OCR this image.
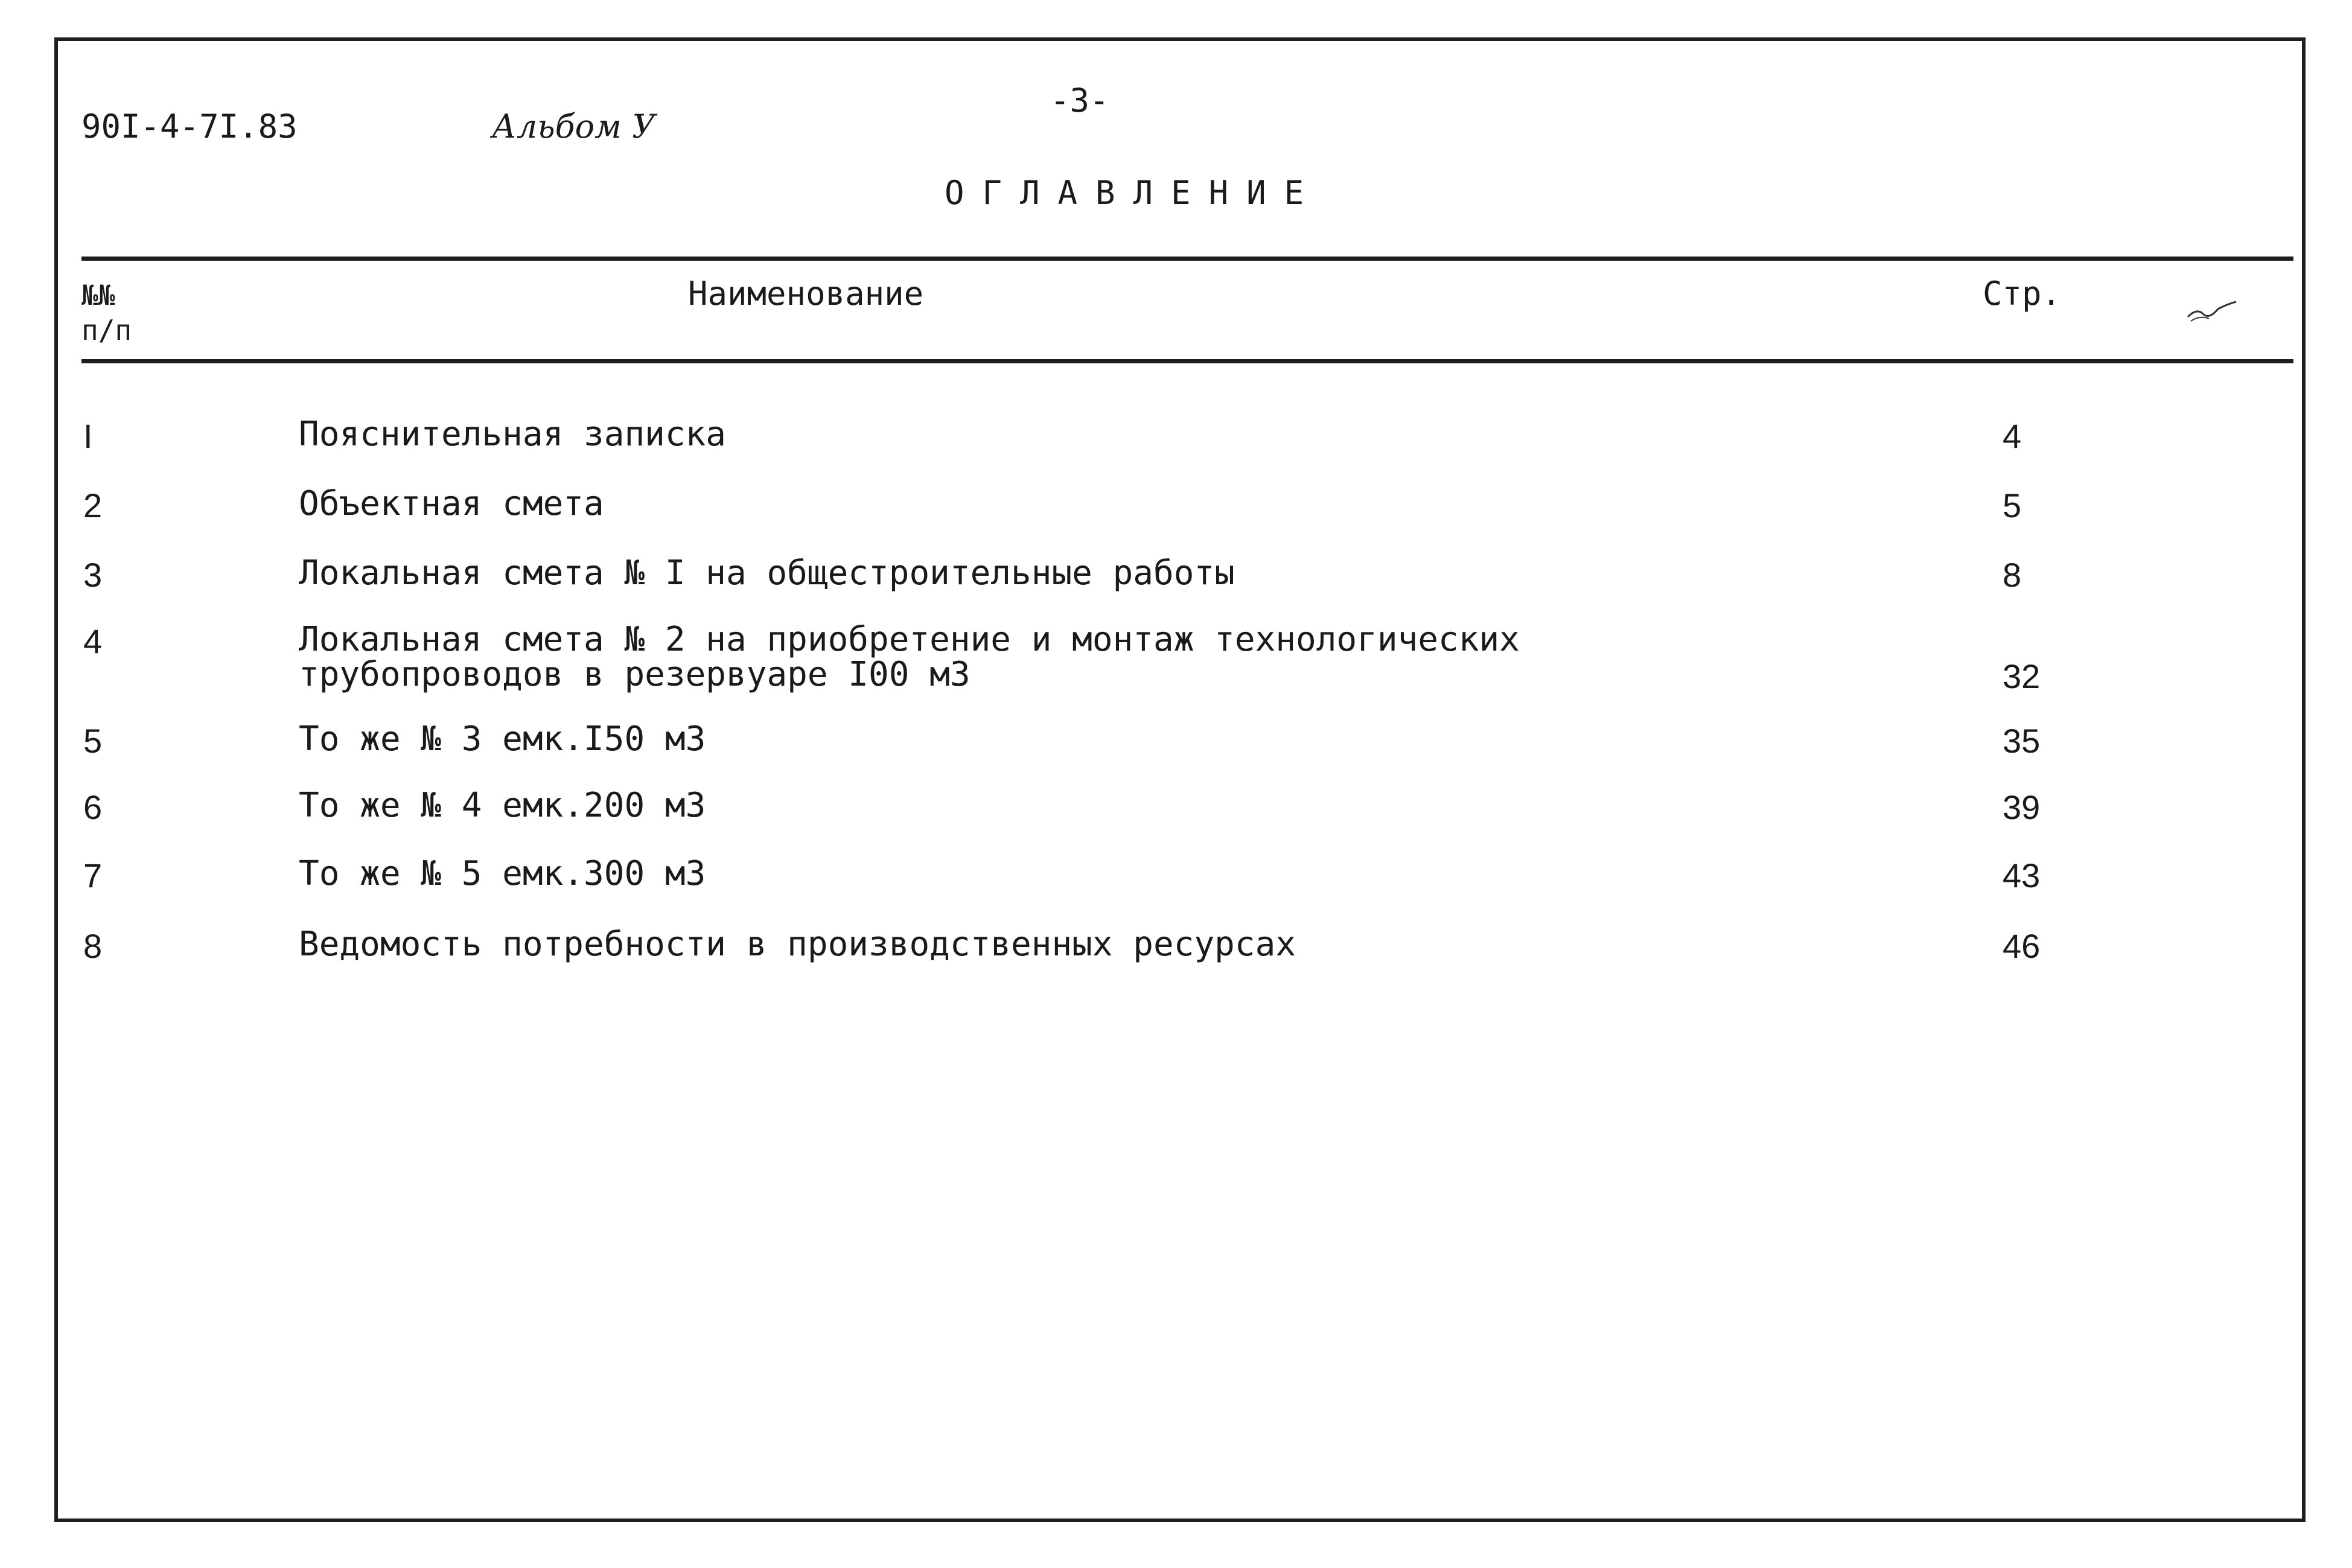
90I-4-7I.83	Альбом У
-3-
ОГЛАВЛЕНИЕ
№№
п/п
Наименование	Стр.
I	Пояснительная записка	4
2	Объектная смета	5
3	Локальная смета № I на общестроительные работы	8
4	Локальная смета № 2 на приобретение и монтаж технологических
трубопроводов в резервуаре I00 м3	32
5	То же № 3 емк.I50 м3	35
6	То же № 4 емк.200 м3	39
7	То же № 5 емк.300 м3	43
8	Ведомость потребности в производственных ресурсах	46
